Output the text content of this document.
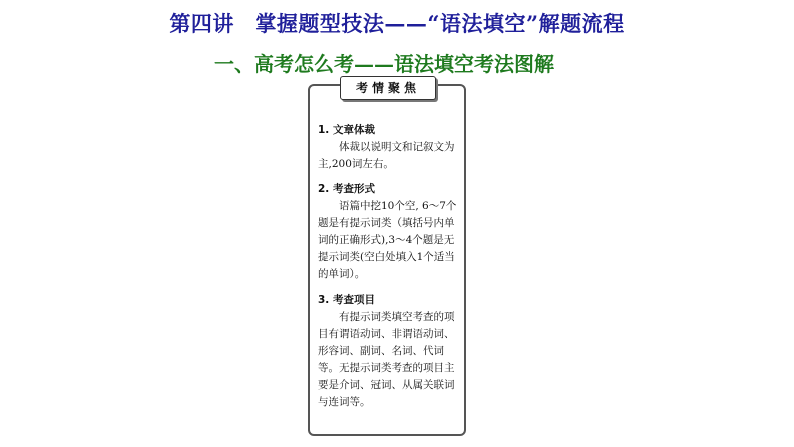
第四讲　掌握题型技法——“语法填空”解题流程
一、高考怎么考——语法填空考法图解
考情聚焦
1. 文章体裁
体裁以说明文和记叙文为主,200词左右。
2. 考查形式
语篇中挖10个空, 6～7个题是有提示词类（填括号内单词的正确形式),3～4个题是无提示词类(空白处填入1个适当的单词）。
3. 考查项目
有提示词类填空考查的项目有谓语动词、非谓语动词、形容词、副词、名词、代词等。无提示词类考查的项目主要是介词、冠词、从属关联词与连词等。
